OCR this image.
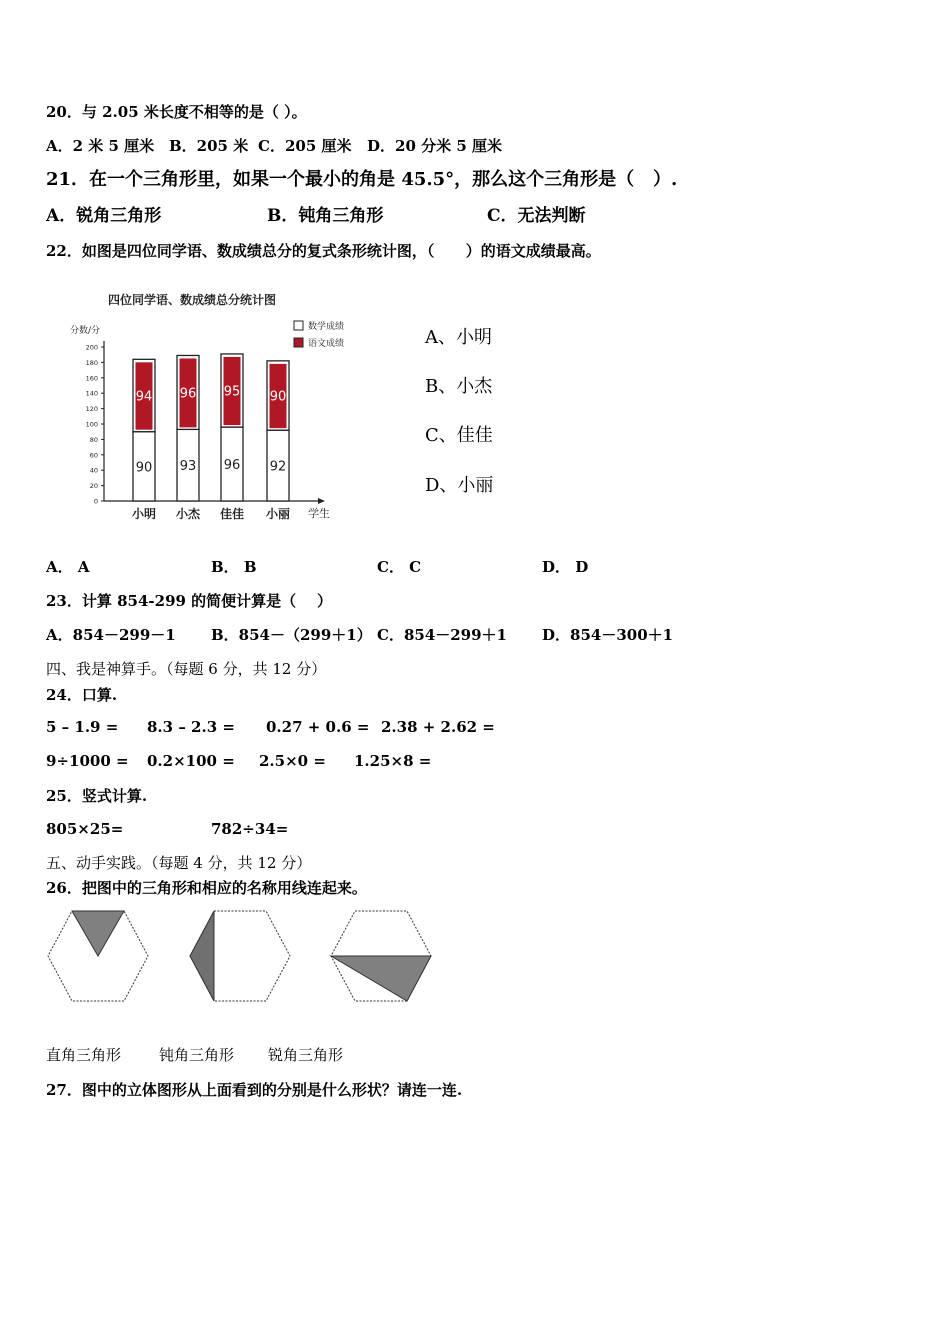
20．与 2.05 米长度不相等的是（ ）。
A．2 米 5 厘米 B．205 米 C．205 厘米 D．20 分米 5 厘米
21．在一个三角形里，如果一个最小的角是 45.5°，那么这个三角形是（   ）.
A．锐角三角形	B．钝角三角形	C．无法判断
22．如图是四位同学语、数成绩总分的复式条形统计图，（      ）的语文成绩最高。
四位同学语、数成绩总分统计图
分数/分
学生
数学成绩
语文成绩
0
20
40
60
80
100
120
140
160
180
200
90
94
小明
93
96
小杰
96
95
佳佳
92
90
小丽
A、小明
B、小杰
C、佳佳
D、小丽
A． A	B． B	C． C	D． D
23．计算 854-299 的简便计算是（    ）
A．854－299－1 B．854－（299＋1） C．854－299＋1 D．854－300＋1
四、我是神算手。（每题 6 分，共 12 分）
24．口算.
5 – 1.9 = 8.3 – 2.3 = 0.27 + 0.6 = 2.38 + 2.62 =
9÷1000 = 0.2×100 = 2.5×0 = 1.25×8 =
25．竖式计算.
805×25=	782÷34=
五、动手实践。（每题 4 分，共 12 分）
26．把图中的三角形和相应的名称用线连起来。
直角三角形	钝角三角形 锐角三角形
27．图中的立体图形从上面看到的分别是什么形状？请连一连.
